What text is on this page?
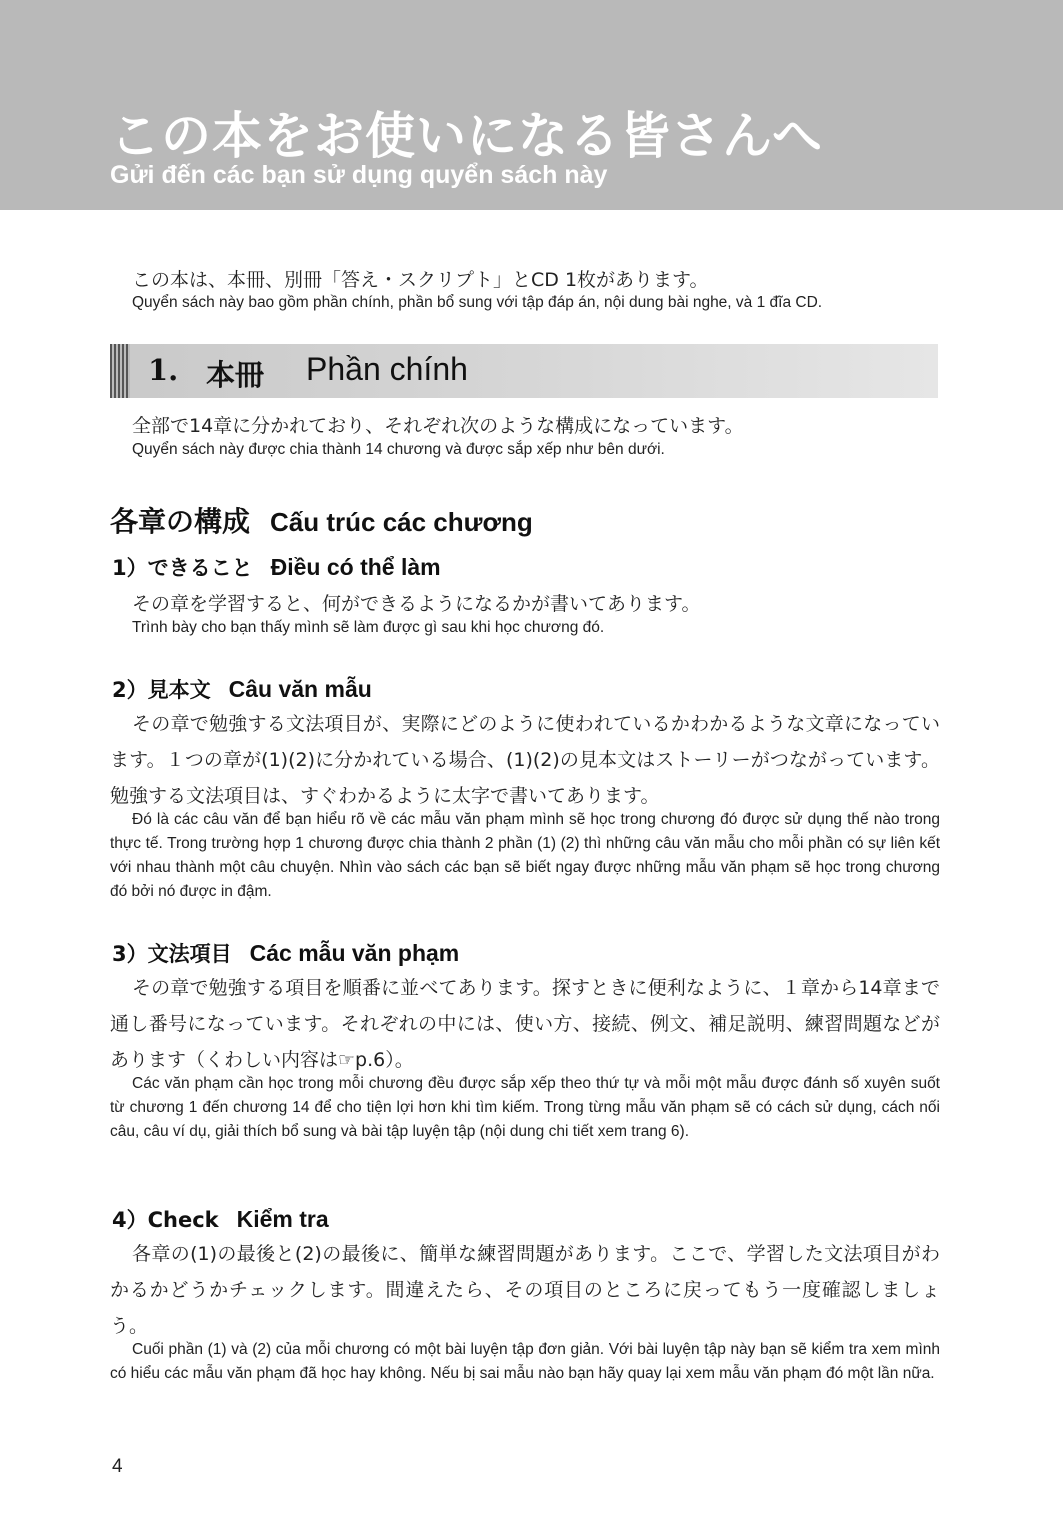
この本をお使いになる皆さんへ
Gửi đến các bạn sử dụng quyển sách này
この本は、本冊、別冊「答え・スクリプト」とCD 1枚があります。
Quyển sách này bao gồm phần chính, phần bổ sung với tập đáp án, nội dung bài nghe, và 1 đĩa CD.
1. 本冊 Phần chính
全部で14章に分かれており、それぞれ次のような構成になっています。
Quyển sách này được chia thành 14 chương và được sắp xếp như bên dưới.
各章の構成 Cấu trúc các chương
1）できること Điều có thể làm
その章を学習すると、何ができるようになるかが書いてあります。
Trình bày cho bạn thấy mình sẽ làm được gì sau khi học chương đó.
2）見本文 Câu văn mẫu
その章で勉強する文法項目が、実際にどのように使われているかわかるような文章になっています。１つの章が(1)(2)に分かれている場合、(1)(2)の見本文はストーリーがつながっています。勉強する文法項目は、すぐわかるように太字で書いてあります。
Đó là các câu văn để bạn hiểu rõ về các mẫu văn phạm mình sẽ học trong chương đó được sử dụng thế nào trong thực tế. Trong trường hợp 1 chương được chia thành 2 phần (1) (2) thì những câu văn mẫu cho mỗi phần có sự liên kết với nhau thành một câu chuyện. Nhìn vào sách các bạn sẽ biết ngay được những mẫu văn phạm sẽ học trong chương đó bởi nó được in đậm.
3）文法項目 Các mẫu văn phạm
その章で勉強する項目を順番に並べてあります。探すときに便利なように、１章から14章まで通し番号になっています。それぞれの中には、使い方、接続、例文、補足説明、練習問題などがあります（くわしい内容は☞p.6）。
Các văn phạm cần học trong mỗi chương đều được sắp xếp theo thứ tự và mỗi một mẫu được đánh số xuyên suốt từ chương 1 đến chương 14 để cho tiện lợi hơn khi tìm kiếm. Trong từng mẫu văn phạm sẽ có cách sử dụng, cách nối câu, câu ví dụ, giải thích bổ sung và bài tập luyện tập (nội dung chi tiết xem trang 6).
4）Check Kiểm tra
各章の(1)の最後と(2)の最後に、簡単な練習問題があります。ここで、学習した文法項目がわかるかどうかチェックします。間違えたら、その項目のところに戻ってもう一度確認しましょう。
Cuối phần (1) và (2) của mỗi chương có một bài luyện tập đơn giản. Với bài luyện tập này bạn sẽ kiểm tra xem mình có hiểu các mẫu văn phạm đã học hay không. Nếu bị sai mẫu nào bạn hãy quay lại xem mẫu văn phạm đó một lần nữa.
4
